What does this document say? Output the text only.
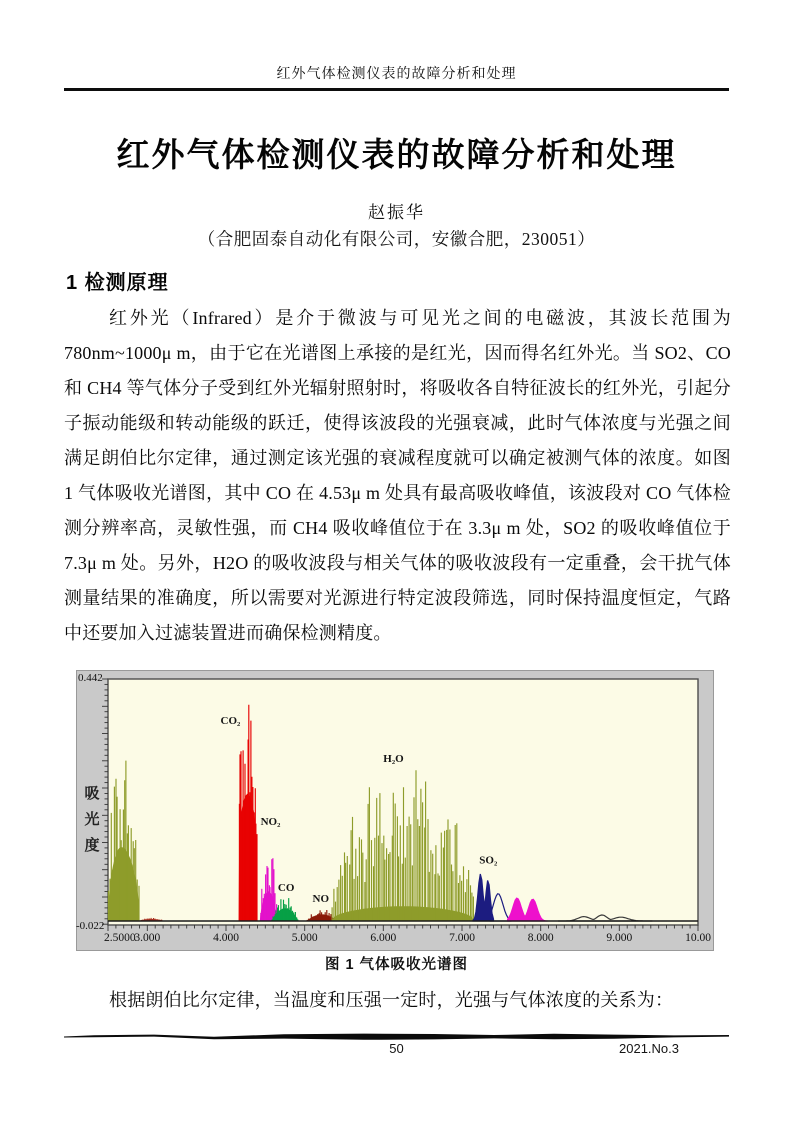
红外气体检测仪表的故障分析和处理
红外气体检测仪表的故障分析和处理
赵振华
（合肥固泰自动化有限公司，安徽合肥，230051）
1 检测原理
红外光（Infrared）是介于微波与可见光之间的电磁波，其波长范围为 780nm~1000μ m，由于它在光谱图上承接的是红光，因而得名红外光。当 SO2、CO 和 CH4 等气体分子受到红外光辐射照射时，将吸收各自特征波长的红外光，引起分子振动能级和转动能级的跃迁，使得该波段的光强衰减，此时气体浓度与光强之间满足朗伯比尔定律，通过测定该光强的衰减程度就可以确定被测气体的浓度。如图 1 气体吸收光谱图，其中 CO 在 4.53μ m 处具有最高吸收峰值，该波段对 CO 气体检测分辨率高，灵敏性强，而 CH4 吸收峰值位于在 3.3μ m 处，SO2 的吸收峰值位于 7.3μ m 处。另外，H2O 的吸收波段与相关气体的吸收波段有一定重叠，会干扰气体测量结果的准确度，所以需要对光源进行特定波段筛选，同时保持温度恒定，气路中还要加入过滤装置进而确保检测精度。
CO₂
NO₂
CO
NO
H₂O
SO₂
0.442
-0.022
2.5000
3.000	4.000	5.000	6.000	7.000	8.000	9.000	10.00
吸
光
度
图 1 气体吸收光谱图
根据朗伯比尔定律，当温度和压强一定时，光强与气体浓度的关系为：
50	2021.No.3
